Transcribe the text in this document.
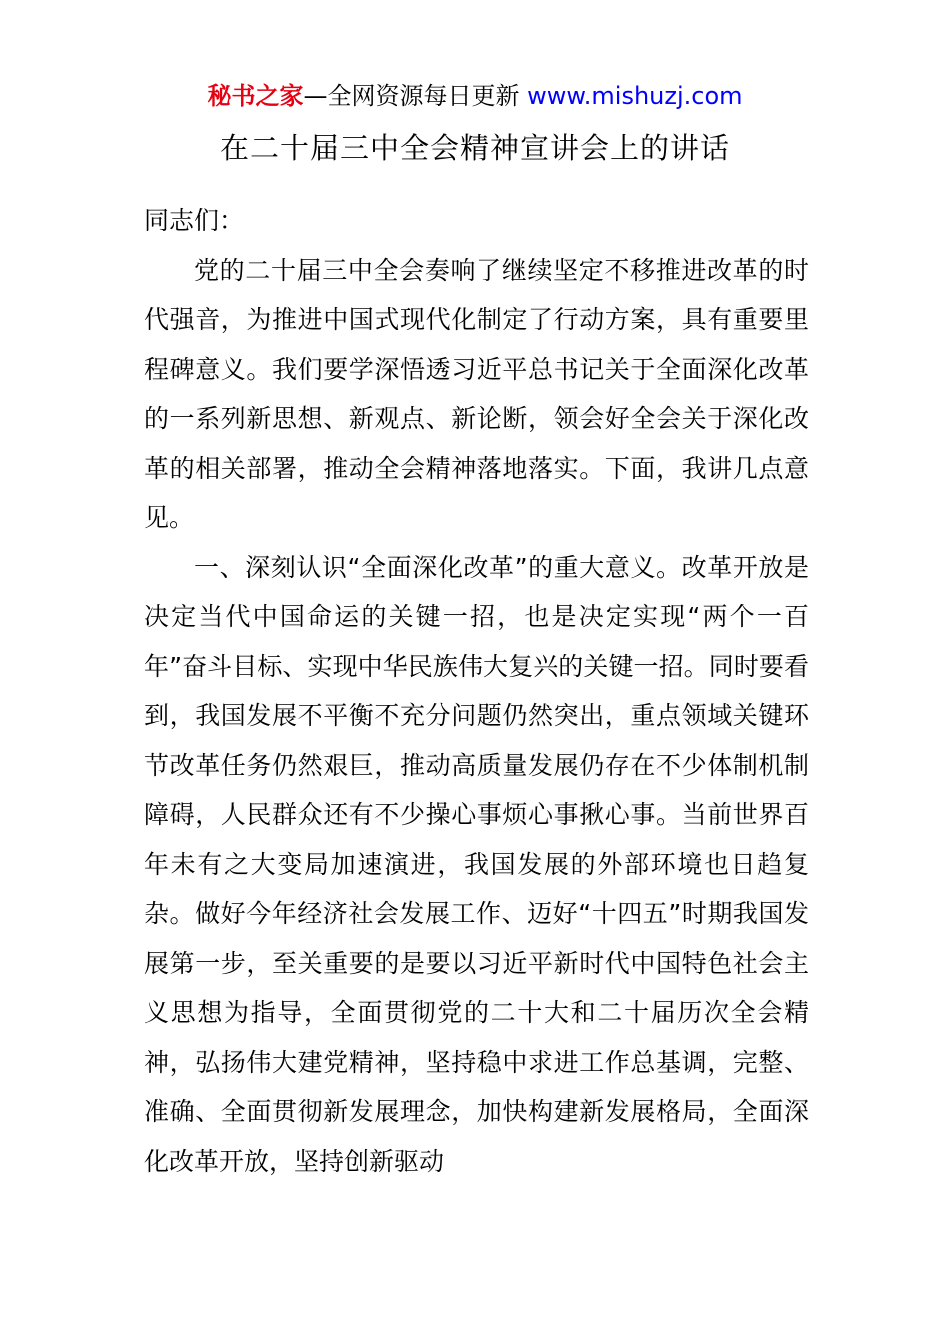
秘书之家—全网资源每日更新 www.mishuzj.com
在二十届三中全会精神宣讲会上的讲话

同志们：

党的二十届三中全会奏响了继续坚定不移推进改革的时代强音，为推进中国式现代化制定了行动方案，具有重要里程碑意义。我们要学深悟透习近平总书记关于全面深化改革的一系列新思想、新观点、新论断，领会好全会关于深化改革的相关部署，推动全会精神落地落实。下面，我讲几点意见。

一、深刻认识“全面深化改革”的重大意义。改革开放是决定当代中国命运的关键一招，也是决定实现“两个一百年”奋斗目标、实现中华民族伟大复兴的关键一招。同时要看到，我国发展不平衡不充分问题仍然突出，重点领域关键环节改革任务仍然艰巨，推动高质量发展仍存在不少体制机制障碍，人民群众还有不少操心事烦心事揪心事。当前世界百年未有之大变局加速演进，我国发展的外部环境也日趋复杂。做好今年经济社会发展工作、迈好“十四五”时期我国发展第一步，至关重要的是要以习近平新时代中国特色社会主义思想为指导，全面贯彻党的二十大和二十届历次全会精神，弘扬伟大建党精神，坚持稳中求进工作总基调，完整、准确、全面贯彻新发展理念，加快构建新发展格局，全面深化改革开放，坚持创新驱动
